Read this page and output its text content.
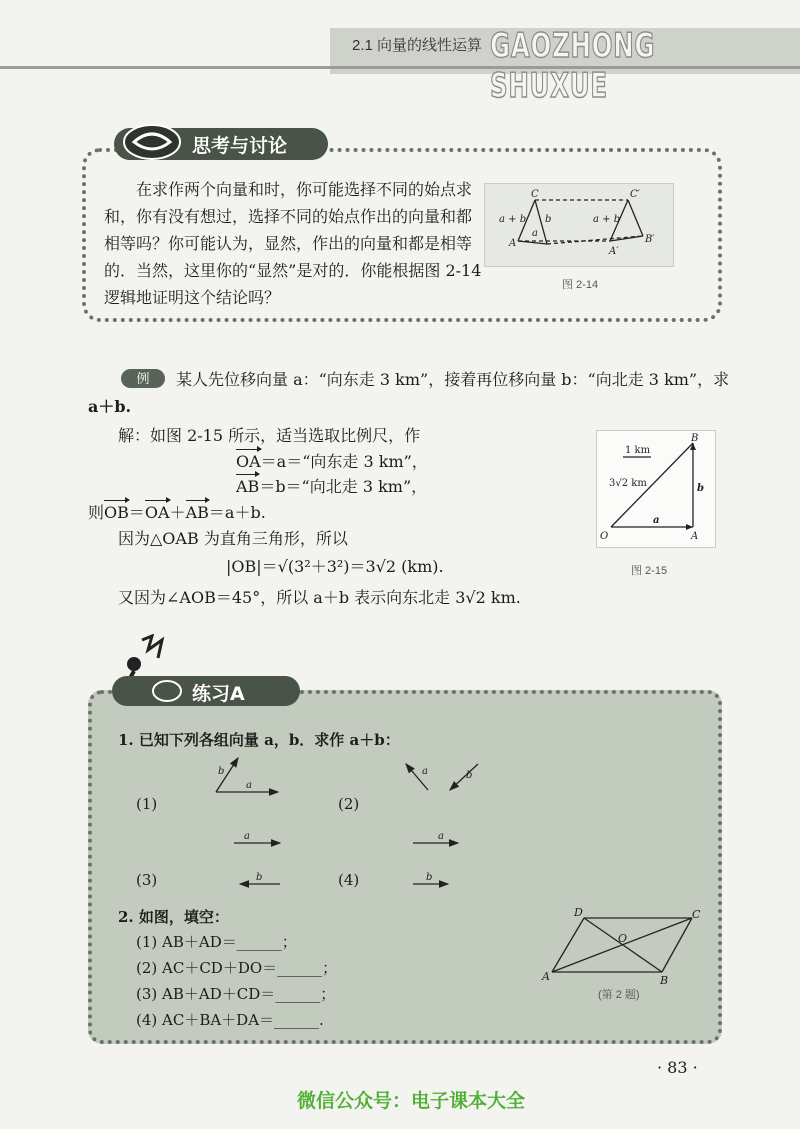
2.1 向量的线性运算 GAOZHONG SHUXUE
思考与讨论
在求作两个向量和时，你可能选择不同的始点求和，你有没有想过，选择不同的始点作出的向量和都相等吗？你可能认为，显然，作出的向量和都是相等的．当然，这里你的“显然”是对的．你能根据图 2-14 逻辑地证明这个结论吗？
C	C′
A
A′
B′
a + b	a + b
a
b
图 2-14
例	某人先位移向量 a：“向东走 3 km”，接着再位移向量 b：“向北走 3 km”，求
a＋b.
解：如图 2-15 所示，适当选取比例尺，作
OA＝a＝“向东走 3 km”，
AB＝b＝“向北走 3 km”，
则OB＝OA＋AB＝a＋b.
因为△OAB 为直角三角形，所以
|OB|＝√(3²＋3²)＝3√2 (km).
又因为∠AOB＝45°，所以 a＋b 表示向东北走 3√2 km.
1 km
3√2 km
O	A
B
a
b
图 2-15
练习A
1. 已知下列各组向量 a，b．求作 a＋b：
(1)	(2)
(3)	(4)
b
a
a	b
a
b
a
b
2. 如图，填空：
(1) AB＋AD＝______；
(2) AC＋CD＋DO＝______；
(3) AB＋AD＋CD＝______；
(4) AC＋BA＋DA＝______.
A	B
C
D
O
(第 2 题)
· 83 ·
微信公众号：电子课本大全
